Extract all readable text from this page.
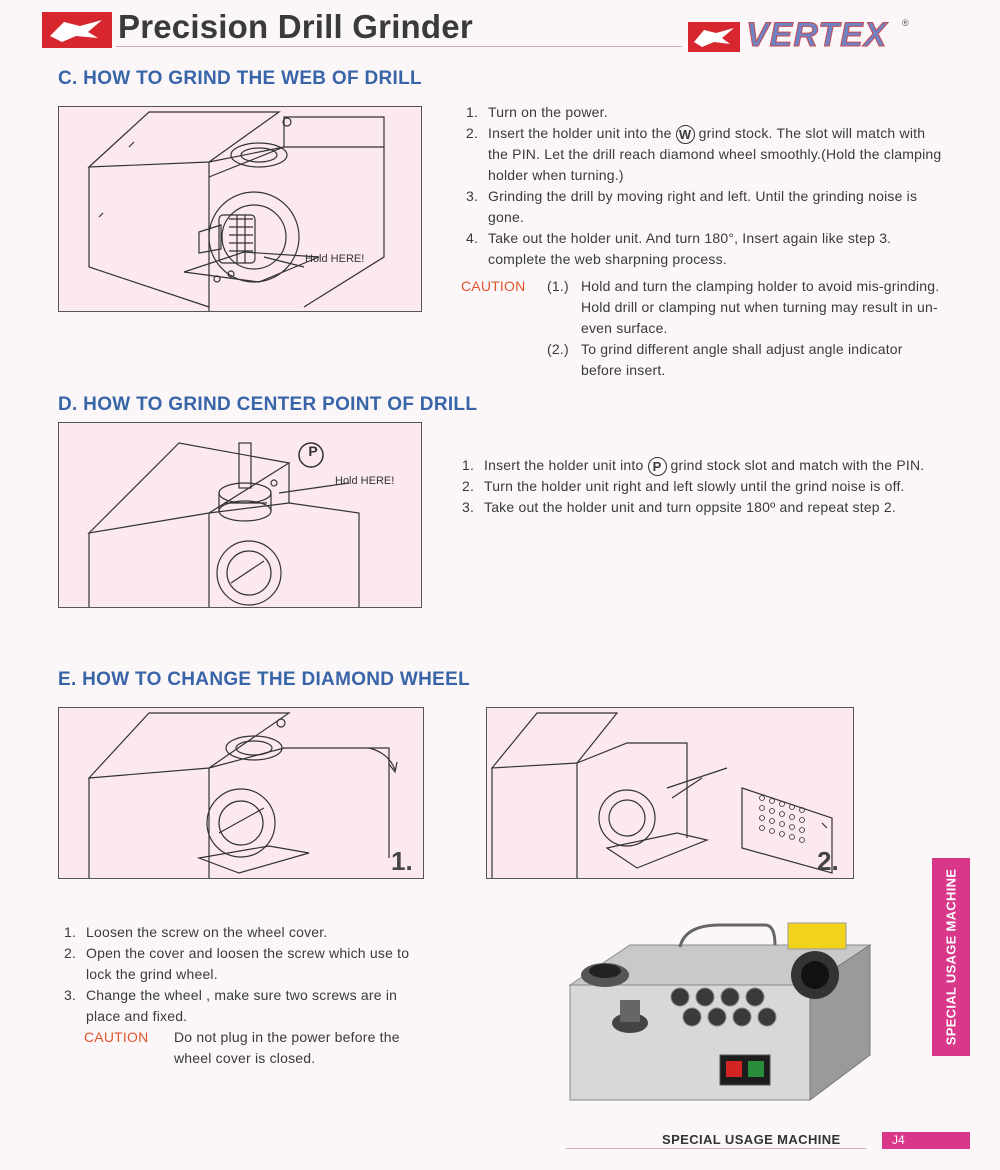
Precision Drill Grinder	VERTEX ®
C. HOW TO GRIND THE WEB OF DRILL
Hold HERE!
1. Turn on the power.
2. Insert the holder unit into the W grind stock. The slot will match with the PIN. Let the drill reach diamond wheel smoothly.(Hold the clamping holder when turning.)
3. Grinding the drill by moving right and left. Until the grinding noise is gone.
4. Take out the holder unit. And turn 180°, Insert again like step 3. complete the web sharpning process.
CAUTION (1.) Hold and turn the clamping holder to avoid mis-grinding. Hold drill or clamping nut when turning may result in un-even surface.
(2.) To grind different angle shall adjust angle indicator before insert.
D. HOW TO GRIND CENTER POINT OF DRILL
P
Hold HERE!
1. Insert the holder unit into P grind stock slot and match with the PIN.
2. Turn the holder unit right and left slowly until the grind noise is off.
3. Take out the holder unit and turn oppsite 180º and repeat step 2.
E. HOW TO CHANGE THE DIAMOND WHEEL
1.	2.
1. Loosen the screw on the wheel cover.
2. Open the cover and loosen the screw which use to lock the grind wheel.
3. Change the wheel , make sure two screws are in place and fixed.
CAUTION Do not plug in the power before the wheel cover is closed.
SPECIAL USAGE MACHINE
SPECIAL USAGE MACHINE	J4
